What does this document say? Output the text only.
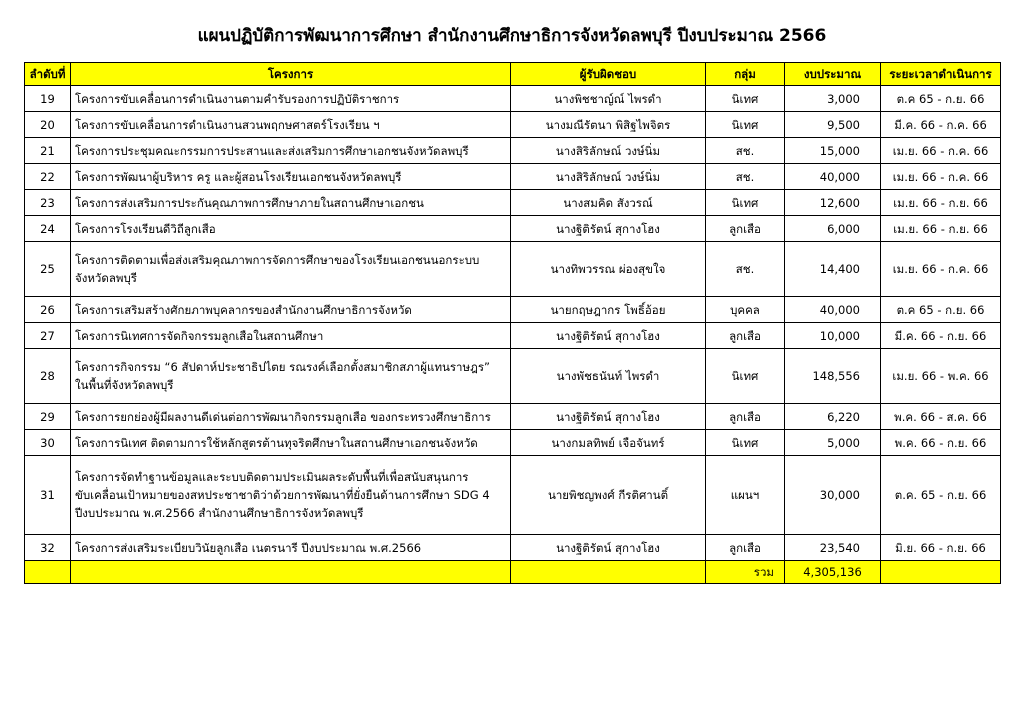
แผนปฏิบัติการพัฒนาการศึกษา สำนักงานศึกษาธิการจังหวัดลพบุรี ปีงบประมาณ 2566
ลำดับที่	โครงการ	ผู้รับผิดชอบ	กลุ่ม	งบประมาณ	ระยะเวลาดำเนินการ
19	โครงการขับเคลื่อนการดำเนินงานตามคำรับรองการปฏิบัติราชการ	นางพิชชาญ์ณ์ ไพรดำ	นิเทศ	3,000	ต.ค 65 - ก.ย. 66
20	โครงการขับเคลื่อนการดำเนินงานสวนพฤกษศาสตร์โรงเรียน ฯ	นางมณีรัตนา พิสิฐไพจิตร	นิเทศ	9,500	มี.ค. 66 - ก.ค. 66
21	โครงการประชุมคณะกรรมการประสานและส่งเสริมการศึกษาเอกชนจังหวัดลพบุรี	นางสิริลักษณ์ วงษ์นิ่ม	สช.	15,000	เม.ย. 66 - ก.ค. 66
22	โครงการพัฒนาผู้บริหาร ครู และผู้สอนโรงเรียนเอกชนจังหวัดลพบุรี	นางสิริลักษณ์ วงษ์นิ่ม	สช.	40,000	เม.ย. 66 - ก.ค. 66
23	โครงการส่งเสริมการประกันคุณภาพการศึกษาภายในสถานศึกษาเอกชน	นางสมคิด สังวรณ์	นิเทศ	12,600	เม.ย. 66 - ก.ย. 66
24	โครงการโรงเรียนดีวิถีลูกเสือ	นางฐิติรัตน์ สุกางโฮง	ลูกเสือ	6,000	เม.ย. 66 - ก.ย. 66
25	โครงการติดตามเพื่อส่งเสริมคุณภาพการจัดการศึกษาของโรงเรียนเอกชนนอกระบบ
จังหวัดลพบุรี	นางทิพวรรณ ผ่องสุขใจ	สช.	14,400	เม.ย. 66 - ก.ค. 66
26	โครงการเสริมสร้างศักยภาพบุคลากรของสำนักงานศึกษาธิการจังหวัด	นายกฤษฎากร โพธิ์อ้อย	บุคคล	40,000	ต.ค 65 - ก.ย. 66
27	โครงการนิเทศการจัดกิจกรรมลูกเสือในสถานศึกษา	นางฐิติรัตน์ สุกางโฮง	ลูกเสือ	10,000	มี.ค. 66 - ก.ย. 66
28	โครงการกิจกรรม “6 สัปดาห์ประชาธิปไตย รณรงค์เลือกตั้งสมาชิกสภาผู้แทนราษฎร”
ในพื้นที่จังหวัดลพบุรี	นางพัชธนันท์ ไพรดำ	นิเทศ	148,556	เม.ย. 66 - พ.ค. 66
29	โครงการยกย่องผู้มีผลงานดีเด่นต่อการพัฒนากิจกรรมลูกเสือ ของกระทรวงศึกษาธิการ	นางฐิติรัตน์ สุกางโฮง	ลูกเสือ	6,220	พ.ค. 66 - ส.ค. 66
30	โครงการนิเทศ ติดตามการใช้หลักสูตรต้านทุจริตศึกษาในสถานศึกษาเอกชนจังหวัด	นางกมลทิพย์ เจือจันทร์	นิเทศ	5,000	พ.ค. 66 - ก.ย. 66
31	โครงการจัดทำฐานข้อมูลและระบบติดตามประเมินผลระดับพื้นที่เพื่อสนับสนุนการ
ขับเคลื่อนเป้าหมายของสหประชาชาติว่าด้วยการพัฒนาที่ยั่งยืนด้านการศึกษา SDG 4
ปีงบประมาณ พ.ศ.2566 สำนักงานศึกษาธิการจังหวัดลพบุรี	นายพิชญพงศ์ กีรติศานติ์	แผนฯ	30,000	ต.ค. 65 - ก.ย. 66
32	โครงการส่งเสริมระเบียบวินัยลูกเสือ เนตรนารี ปีงบประมาณ พ.ศ.2566	นางฐิติรัตน์ สุกางโฮง	ลูกเสือ	23,540	มิ.ย. 66 - ก.ย. 66
			รวม	4,305,136	
